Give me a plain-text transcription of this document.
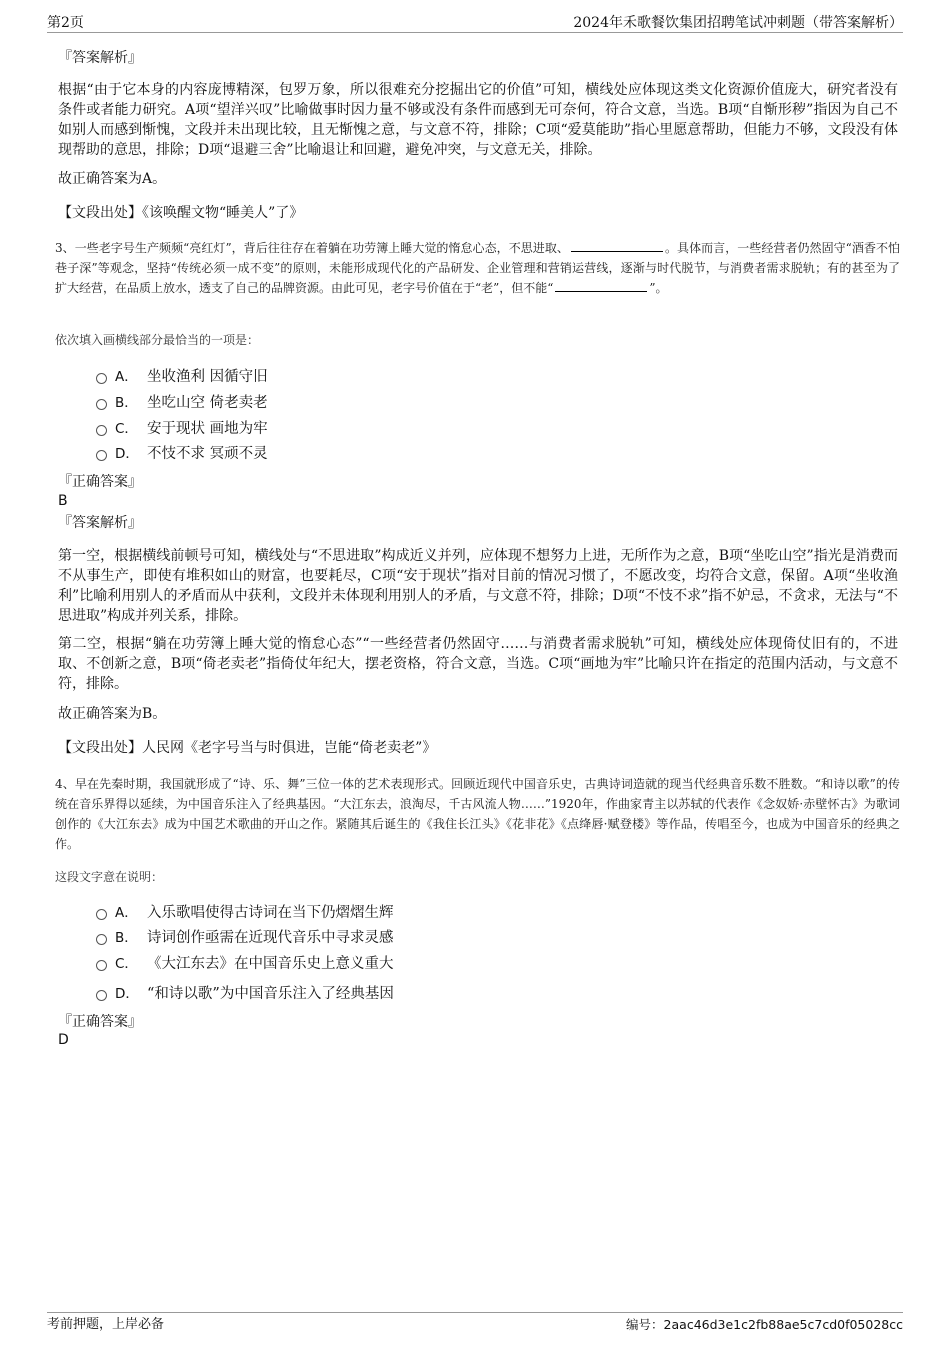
第2页	2024年禾歌餐饮集团招聘笔试冲刺题（带答案解析）
『答案解析』
根据“由于它本身的内容庞博精深，包罗万象，所以很难充分挖掘出它的价值”可知，横线处应体现这类文化资源价值庞大，研究者没有条件或者能力研究。A项“望洋兴叹”比喻做事时因力量不够或没有条件而感到无可奈何，符合文意，当选。B项“自惭形秽”指因为自己不如别人而感到惭愧，文段并未出现比较，且无惭愧之意，与文意不符，排除；C项“爱莫能助”指心里愿意帮助，但能力不够，文段没有体现帮助的意思，排除；D项“退避三舍”比喻退让和回避，避免冲突，与文意无关，排除。
故正确答案为A。
【文段出处】《该唤醒文物“睡美人”了》
3、一些老字号生产频频“亮红灯”，背后往往存在着躺在功劳簿上睡大觉的惰怠心态，不思进取、	。具体而言，一些经营者仍然固守“酒香不怕巷子深”等观念，坚持“传统必须一成不变”的原则，未能形成现代化的产品研发、企业管理和营销运营线，逐渐与时代脱节，与消费者需求脱轨；有的甚至为了扩大经营，在品质上放水，透支了自己的品牌资源。由此可见，老字号价值在于“老”，但不能“	”。
依次填入画横线部分最恰当的一项是：
A． 坐收渔利 因循守旧
B． 坐吃山空 倚老卖老
C． 安于现状 画地为牢
D． 不忮不求 冥顽不灵
『正确答案』
B
『答案解析』
第一空，根据横线前顿号可知，横线处与“不思进取”构成近义并列，应体现不想努力上进，无所作为之意，B项“坐吃山空”指光是消费而不从事生产，即使有堆积如山的财富，也要耗尽，C项“安于现状”指对目前的情况习惯了，不愿改变，均符合文意，保留。A项“坐收渔利”比喻利用别人的矛盾而从中获利，文段并未体现利用别人的矛盾，与文意不符，排除；D项“不忮不求”指不妒忌，不贪求，无法与“不思进取”构成并列关系，排除。
第二空，根据“躺在功劳簿上睡大觉的惰怠心态”“一些经营者仍然固守……与消费者需求脱轨”可知，横线处应体现倚仗旧有的，不进取、不创新之意，B项“倚老卖老”指倚仗年纪大，摆老资格，符合文意，当选。C项“画地为牢”比喻只许在指定的范围内活动，与文意不符，排除。
故正确答案为B。
【文段出处】人民网《老字号当与时俱进，岂能“倚老卖老”》
4、早在先秦时期，我国就形成了“诗、乐、舞”三位一体的艺术表现形式。回顾近现代中国音乐史，古典诗词造就的现当代经典音乐数不胜数。“和诗以歌”的传统在音乐界得以延续，为中国音乐注入了经典基因。“大江东去，浪淘尽，千古风流人物……”1920年，作曲家青主以苏轼的代表作《念奴娇·赤壁怀古》为歌词创作的《大江东去》成为中国艺术歌曲的开山之作。紧随其后诞生的《我住长江头》《花非花》《点绛唇·赋登楼》等作品，传唱至今，也成为中国音乐的经典之作。
这段文字意在说明：
A． 入乐歌唱使得古诗词在当下仍熠熠生辉
B． 诗词创作亟需在近现代音乐中寻求灵感
C． 《大江东去》在中国音乐史上意义重大
D． “和诗以歌”为中国音乐注入了经典基因
『正确答案』
D
考前押题，上岸必备	编号：2aac46d3e1c2fb88ae5c7cd0f05028cc
